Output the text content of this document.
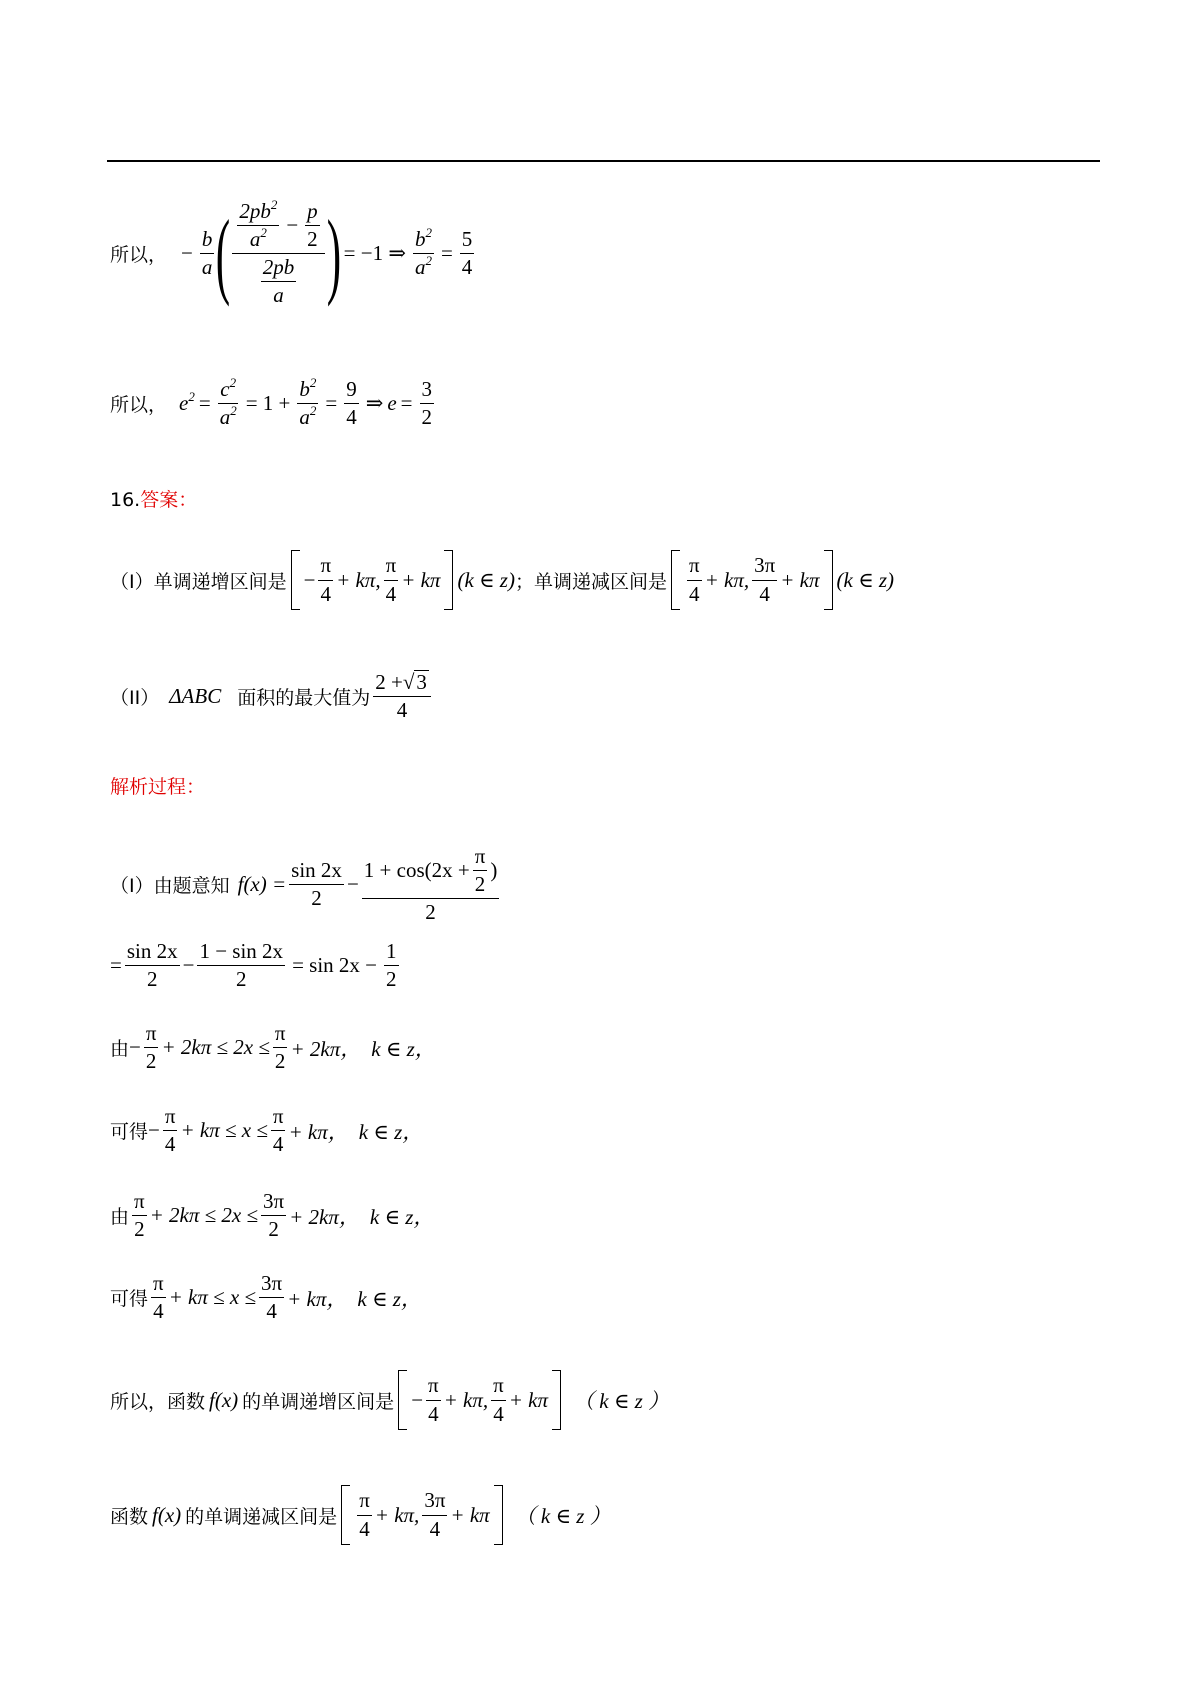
所以， − $\frac{b}{a}$ ( $\frac{\frac{2pb^2}{a^2} - \frac{p}{2}}{\frac{2pb}{a}}$ ) = −1 ⇒ $\frac{b^2}{a^2} = \frac{5}{4}$
所以， $e^2 = \frac{c^2}{a^2} = 1 + \frac{b^2}{a^2} = \frac{9}{4}$ ⇒ $e = \frac{3}{2}$
16.答案：
（I）单调递增区间是 − $\frac{\pi}{4} + k\pi$, $\frac{\pi}{4} + k\pi$ (k ∈ z) ；单调递减区间是 $\frac{\pi}{4} + k\pi$, $\frac{3\pi}{4} + k\pi$ (k ∈ z)
（II） ΔABC 面积的最大值为 $\frac{2 +√ 3}{4}$
解析过程：
（I）由题意知 $f(x) = \frac{\sin 2x}{2} - \frac{1 + \cos(2x + \frac{\pi}{2} )}{2}$
= $\frac{\sin 2x}{2} - \frac{1 - \sin 2x}{2} = \sin 2x - \frac{1}{2}$
由 − $\frac{\pi}{2} + 2k\pi \le 2x \le \frac{\pi}{2} + 2k\pi$， k ∈ z，
可得 − $\frac{\pi}{4} + k\pi \le x \le \frac{\pi}{4} + k\pi$， k ∈ z，
由 $\frac{\pi}{2} + 2k\pi \le 2x \le \frac{3\pi}{2} + 2k\pi$， k ∈ z，
可得 $\frac{\pi}{4} + k\pi \le x \le \frac{3\pi}{4} + k\pi$， k ∈ z，
所以，函数 f(x) 的单调递增区间是 − $\frac{\pi}{4} + k\pi$, $\frac{\pi}{4} + k\pi$ （ k ∈ z ）
函数 f(x) 的单调递减区间是 $\frac{\pi}{4} + k\pi$, $\frac{3\pi}{4} + k\pi$ （ k ∈ z ）
